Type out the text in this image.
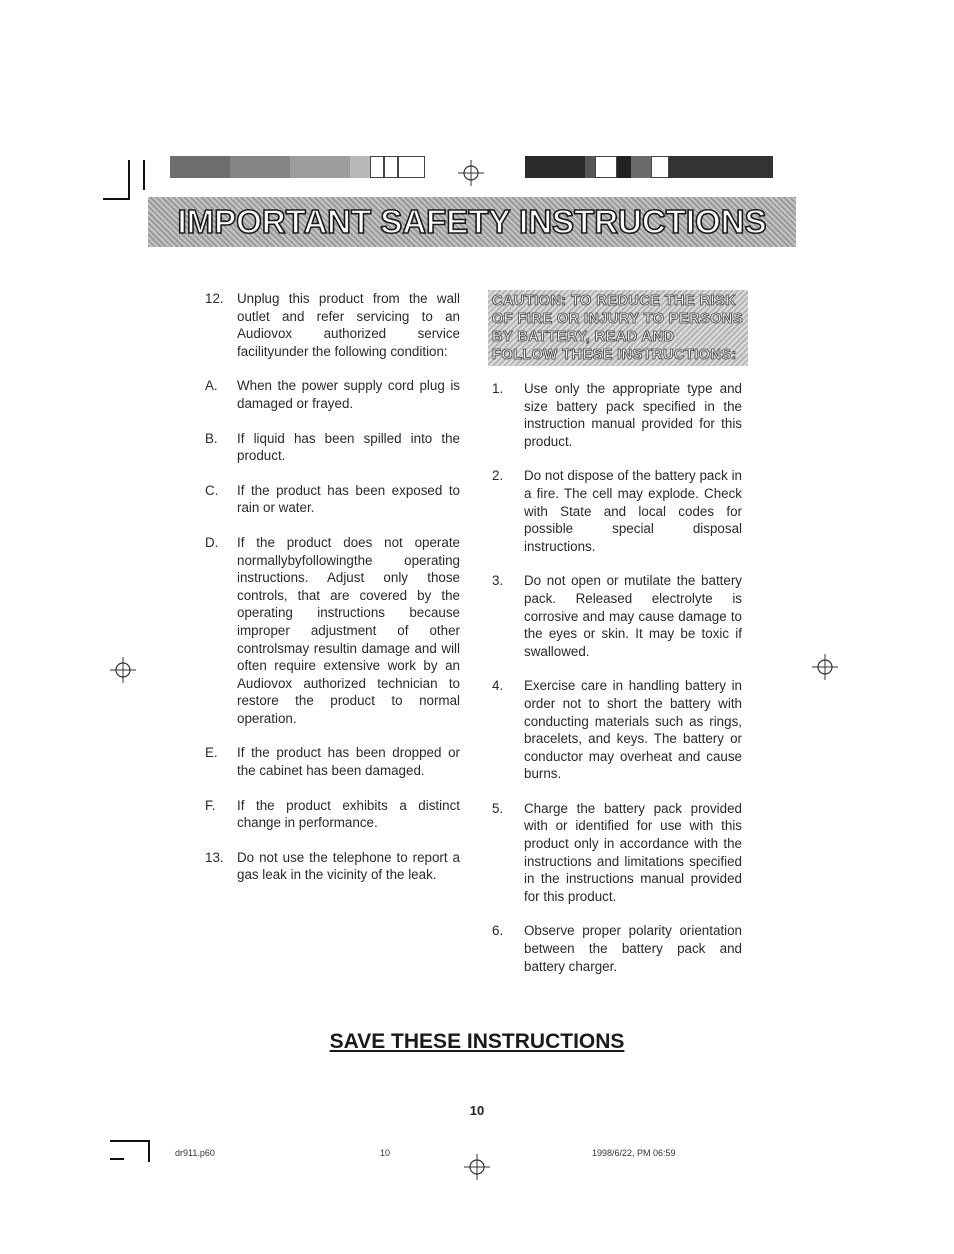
IMPORTANT SAFETY INSTRUCTIONS
12. Unplug this product from the wall outlet and refer servicing to an Audiovox authorized service facilityunder the following condition:
A.	When the power supply cord plug is damaged or frayed.
B.	If liquid has been spilled into the product.
C.	If the product has been exposed to rain or water.
D.	If the product does not operate normallybyfollowingthe operating instructions. Adjust only those controls, that are covered by the operating instructions because improper adjustment of other controlsmay resultin damage and will often require extensive work by an Audiovox authorized technician to restore the product to normal operation.
E.	If the product has been dropped or the cabinet has been damaged.
F.	If the product exhibits a distinct change in performance.
13. Do not use the telephone to report a gas leak in the vicinity of the leak.
CAUTION: TO REDUCE THE RISK OF FIRE OR INJURY TO PERSONS BY BATTERY, READ AND FOLLOW THESE INSTRUCTIONS:
1.	Use only the appropriate type and size battery pack specified in the instruction manual provided for this product.
2.	Do not dispose of the battery pack in a fire. The cell may explode. Check with State and local codes for possible special disposal instructions.
3.	Do not open or mutilate the battery pack. Released electrolyte is corrosive and may cause damage to the eyes or skin. It may be toxic if swallowed.
4.	Exercise care in handling battery in order not to short the battery with conducting materials such as rings, bracelets, and keys. The battery or conductor may overheat and cause burns.
5.	Charge the battery pack provided with or identified for use with this product only in accordance with the instructions and limitations specified in the instructions manual provided for this product.
6.	Observe proper polarity orientation between the battery pack and battery charger.
SAVE THESE INSTRUCTIONS
10
dr911.p60	10	1998/6/22, PM 06:59
